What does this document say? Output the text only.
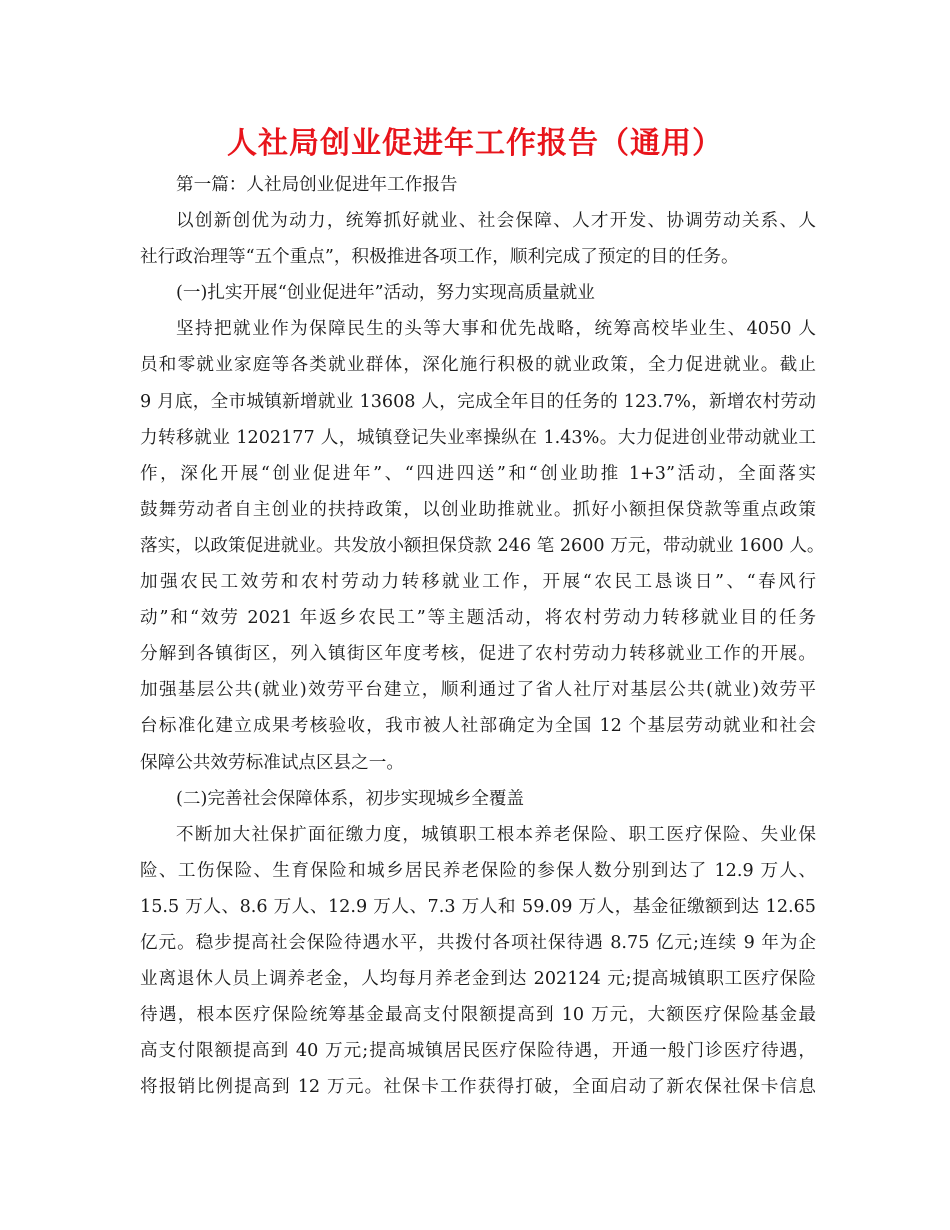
人社局创业促进年工作报告（通用）
第一篇：人社局创业促进年工作报告
以创新创优为动力，统筹抓好就业、社会保障、人才开发、协调劳动关系、人
社行政治理等“五个重点”，积极推进各项工作，顺利完成了预定的目的任务。
(一)扎实开展“创业促进年”活动，努力实现高质量就业
坚持把就业作为保障民生的头等大事和优先战略，统筹高校毕业生、4050 人
员和零就业家庭等各类就业群体，深化施行积极的就业政策，全力促进就业。截止
9 月底，全市城镇新增就业 13608 人，完成全年目的任务的 123.7%，新增农村劳动
力转移就业 1202177 人，城镇登记失业率操纵在 1.43%。大力促进创业带动就业工
作，深化开展“创业促进年”、“四进四送”和“创业助推 1+3”活动，全面落实
鼓舞劳动者自主创业的扶持政策，以创业助推就业。抓好小额担保贷款等重点政策
落实，以政策促进就业。共发放小额担保贷款 246 笔 2600 万元，带动就业 1600 人。
加强农民工效劳和农村劳动力转移就业工作，开展“农民工恳谈日”、“春风行
动”和“效劳 2021 年返乡农民工”等主题活动，将农村劳动力转移就业目的任务
分解到各镇街区，列入镇街区年度考核，促进了农村劳动力转移就业工作的开展。
加强基层公共(就业)效劳平台建立，顺利通过了省人社厅对基层公共(就业)效劳平
台标准化建立成果考核验收，我市被人社部确定为全国 12 个基层劳动就业和社会
保障公共效劳标准试点区县之一。
(二)完善社会保障体系，初步实现城乡全覆盖
不断加大社保扩面征缴力度，城镇职工根本养老保险、职工医疗保险、失业保
险、工伤保险、生育保险和城乡居民养老保险的参保人数分别到达了 12.9 万人、
15.5 万人、8.6 万人、12.9 万人、7.3 万人和 59.09 万人，基金征缴额到达 12.65
亿元。稳步提高社会保险待遇水平，共拨付各项社保待遇 8.75 亿元;连续 9 年为企
业离退休人员上调养老金，人均每月养老金到达 202124 元;提高城镇职工医疗保险
待遇，根本医疗保险统筹基金最高支付限额提高到 10 万元，大额医疗保险基金最
高支付限额提高到 40 万元;提高城镇居民医疗保险待遇，开通一般门诊医疗待遇，
将报销比例提高到 12 万元。社保卡工作获得打破，全面启动了新农保社保卡信息
